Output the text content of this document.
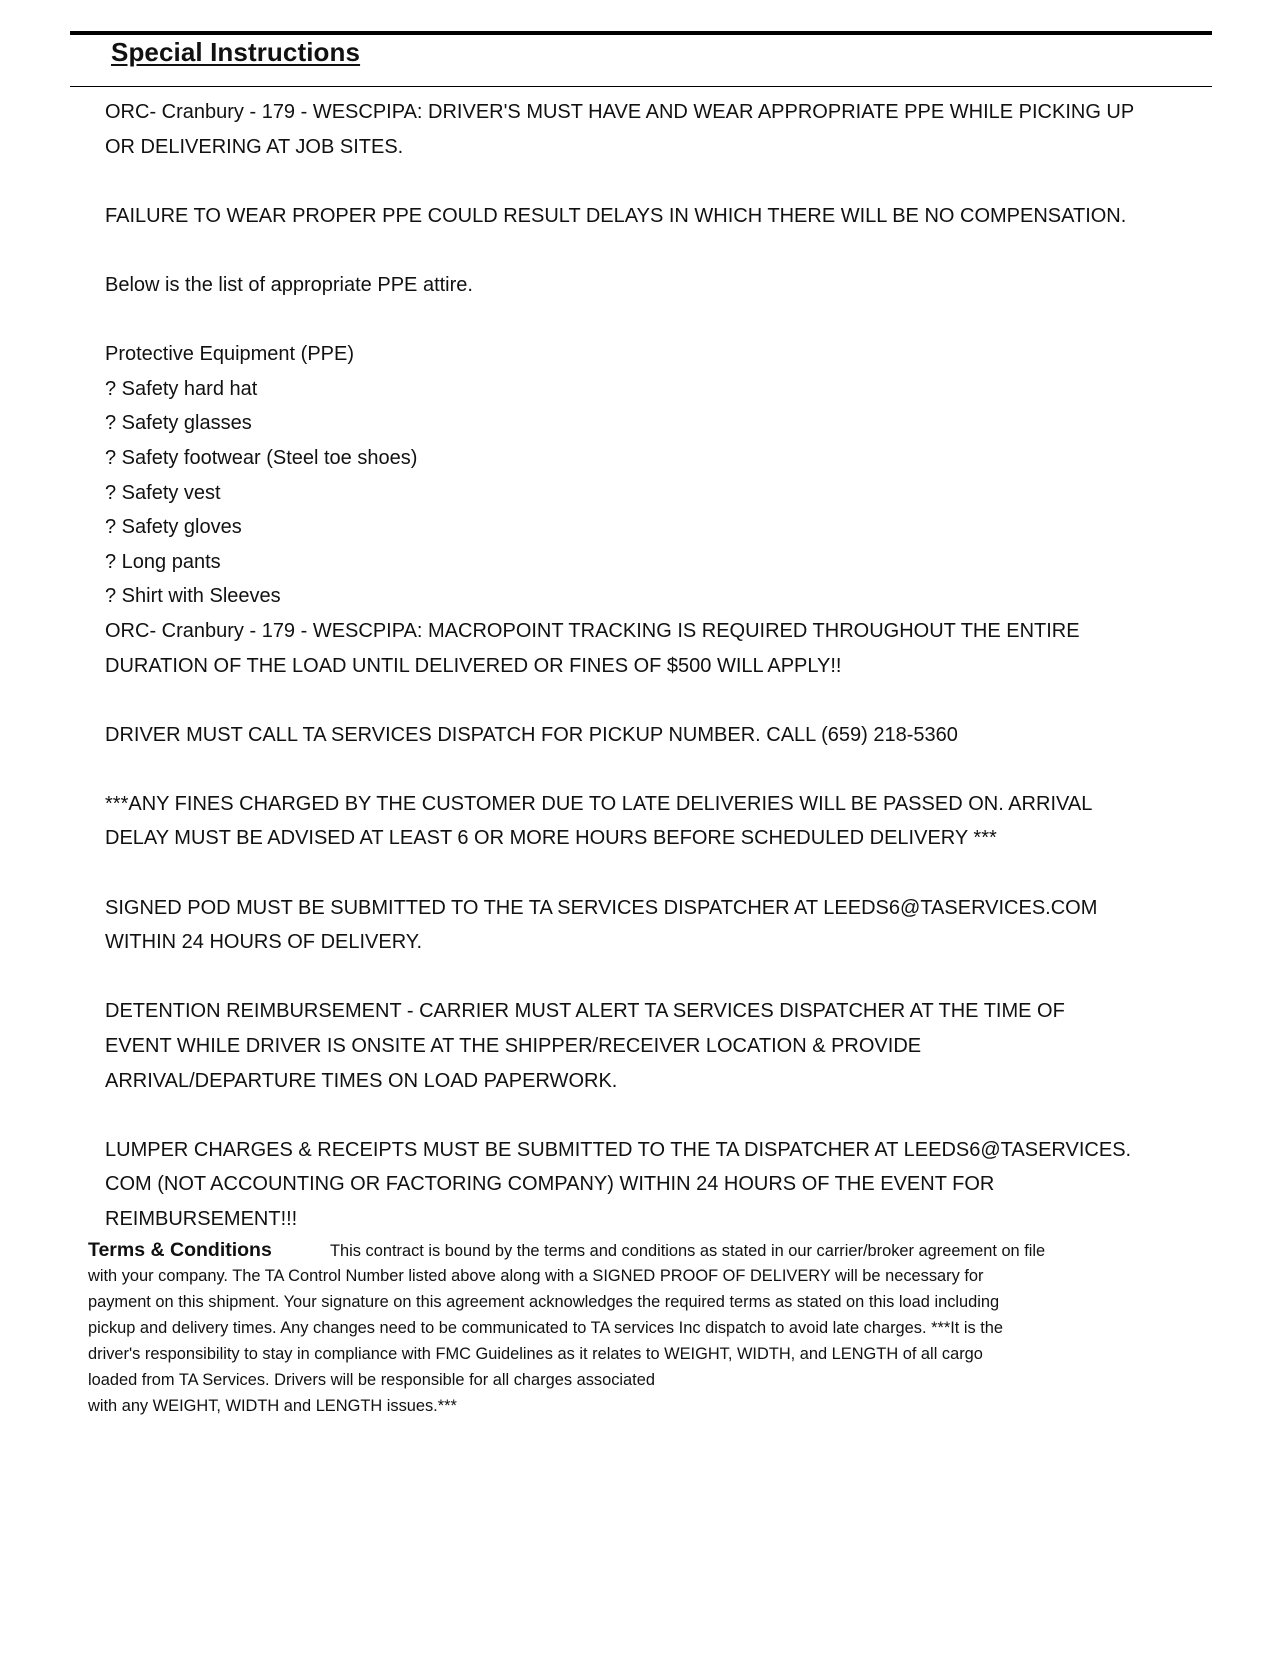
Special Instructions
ORC- Cranbury - 179 - WESCPIPA: DRIVER'S MUST HAVE AND WEAR APPROPRIATE PPE WHILE PICKING UP
OR DELIVERING AT JOB SITES.
FAILURE TO WEAR PROPER PPE COULD RESULT DELAYS IN WHICH THERE WILL BE NO COMPENSATION.
Below is the list of appropriate PPE attire.
Protective Equipment (PPE)
? Safety hard hat
? Safety glasses
? Safety footwear (Steel toe shoes)
? Safety vest
? Safety gloves
? Long pants
? Shirt with Sleeves
ORC- Cranbury - 179 - WESCPIPA: MACROPOINT TRACKING IS REQUIRED THROUGHOUT THE ENTIRE
DURATION OF THE LOAD UNTIL DELIVERED OR FINES OF $500 WILL APPLY!!
DRIVER MUST CALL TA SERVICES DISPATCH FOR PICKUP NUMBER. CALL (659) 218-5360
***ANY FINES CHARGED BY THE CUSTOMER DUE TO LATE DELIVERIES WILL BE PASSED ON. ARRIVAL
DELAY MUST BE ADVISED AT LEAST 6 OR MORE HOURS BEFORE SCHEDULED DELIVERY ***
SIGNED POD MUST BE SUBMITTED TO THE TA SERVICES DISPATCHER AT LEEDS6@TASERVICES.COM
WITHIN 24 HOURS OF DELIVERY.
DETENTION REIMBURSEMENT - CARRIER MUST ALERT TA SERVICES DISPATCHER AT THE TIME OF
EVENT WHILE DRIVER IS ONSITE AT THE SHIPPER/RECEIVER LOCATION & PROVIDE
ARRIVAL/DEPARTURE TIMES ON LOAD PAPERWORK.
LUMPER CHARGES & RECEIPTS MUST BE SUBMITTED TO THE TA DISPATCHER AT LEEDS6@TASERVICES.
COM (NOT ACCOUNTING OR FACTORING COMPANY) WITHIN 24 HOURS OF THE EVENT FOR
REIMBURSEMENT!!!
Terms & Conditions	This contract is bound by the terms and conditions as stated in our carrier/broker agreement on file
with your company. The TA Control Number listed above along with a SIGNED PROOF OF DELIVERY will be necessary for
payment on this shipment. Your signature on this agreement acknowledges the required terms as stated on this load including
pickup and delivery times. Any changes need to be communicated to TA services Inc dispatch to avoid late charges. ***It is the
driver's responsibility to stay in compliance with FMC Guidelines as it relates to WEIGHT, WIDTH, and LENGTH of all cargo
loaded from TA Services. Drivers will be responsible for all charges associated
with any WEIGHT, WIDTH and LENGTH issues.***
